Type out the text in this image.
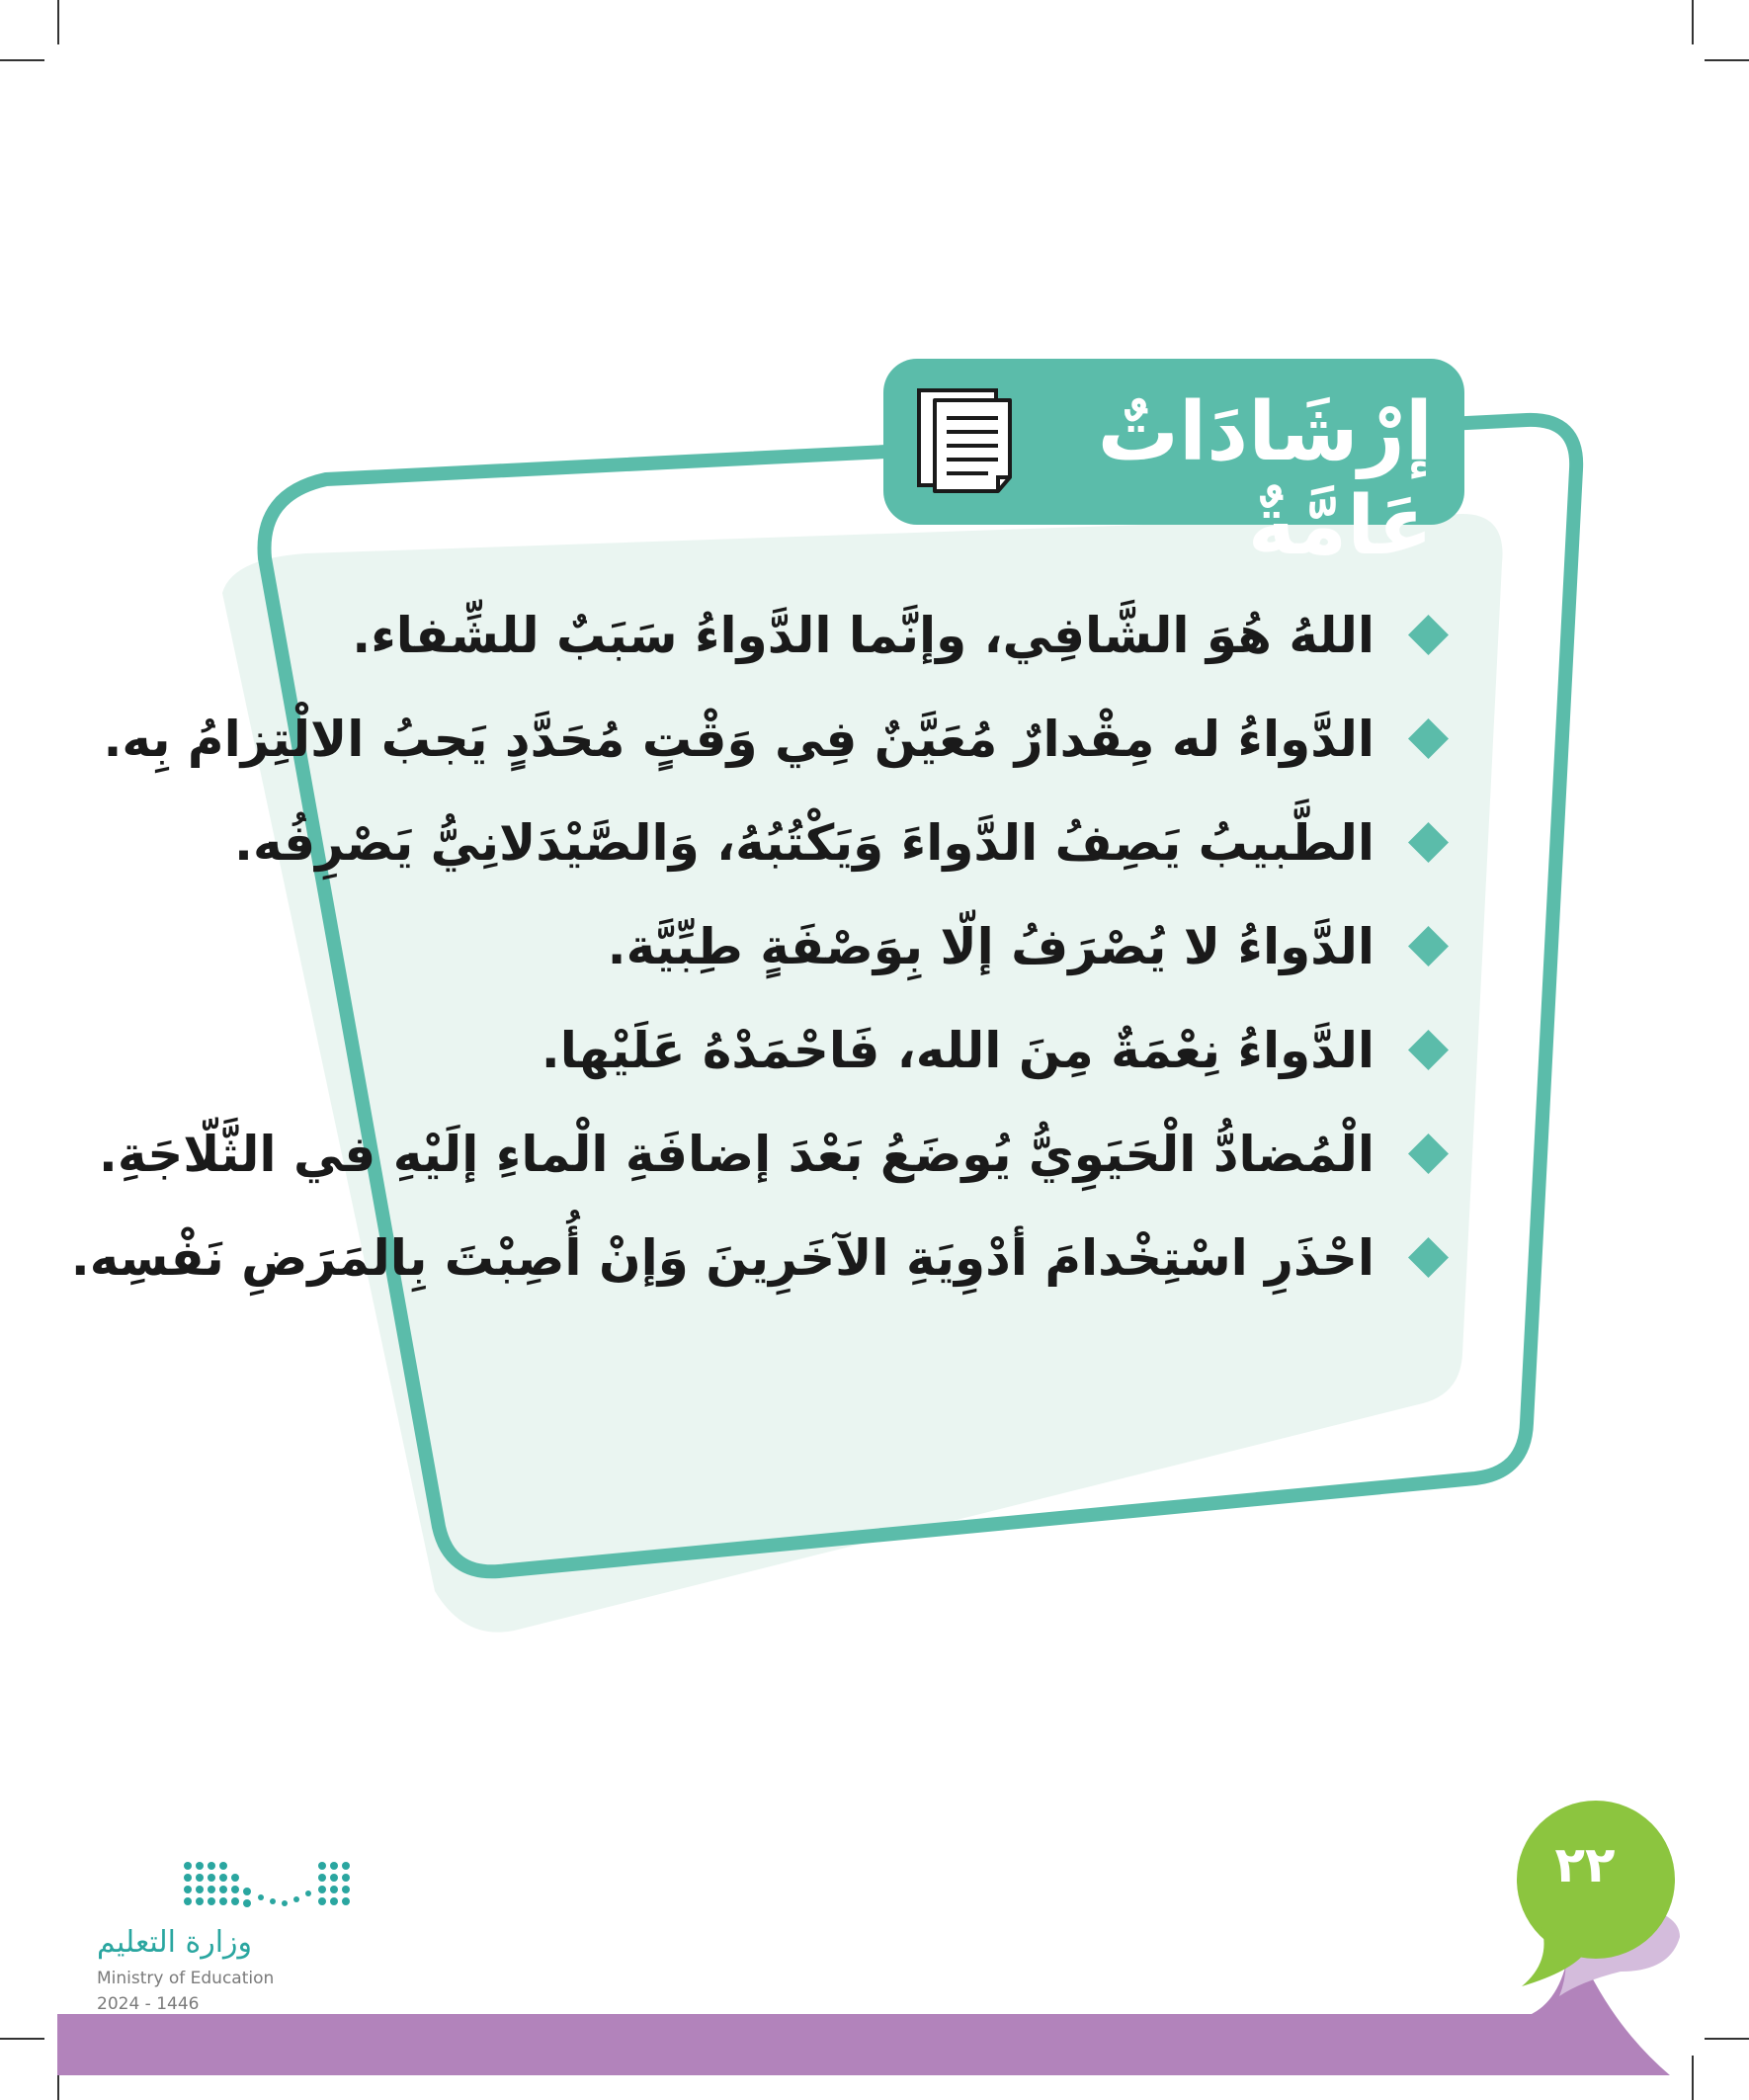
إرْشَادَاتٌ عَامَّةٌ
اللهُ هُوَ الشَّافِي، وإنَّما الدَّواءُ سَبَبٌ للشِّفاء.
الدَّواءُ له مِقْدارٌ مُعَيَّنٌ فِي وَقْتٍ مُحَدَّدٍ يَجبُ الالْتِزامُ بِه.
الطَّبيبُ يَصِفُ الدَّواءَ وَيَكْتُبُهُ، وَالصَّيْدَلانِيُّ يَصْرِفُه.
الدَّواءُ لا يُصْرَفُ إلّا بِوَصْفَةٍ طِبِّيَّة.
الدَّواءُ نِعْمَةٌ مِنَ الله، فَاحْمَدْهُ عَلَيْها.
الْمُضادُّ الْحَيَوِيُّ يُوضَعُ بَعْدَ إضافَةِ الْماءِ إلَيْهِ في الثَّلّاجَةِ.
احْذَرِ اسْتِخْدامَ أدْوِيَةِ الآخَرِينَ وَإنْ أُصِبْتَ بِالمَرَضِ نَفْسِه.
٢٢
وزارة التعليم
Ministry of Education
2024 - 1446
